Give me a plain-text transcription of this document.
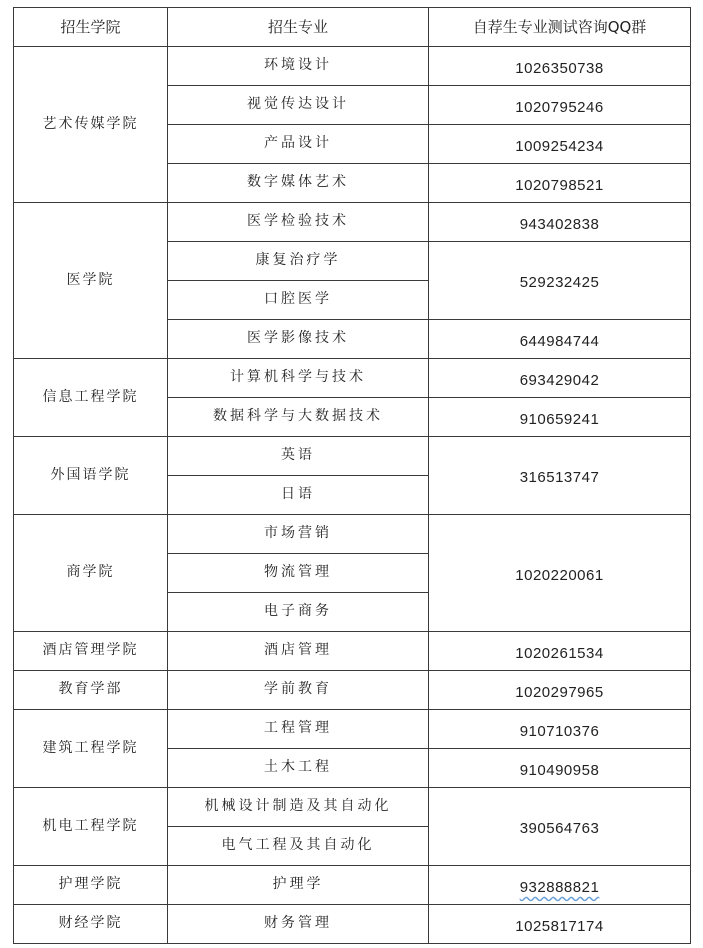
招生学院	招生专业	自荐生专业测试咨询QQ群
艺术传媒学院	环境设计	1026350738
	视觉传达设计	1020795246
	产品设计	1009254234
	数字媒体艺术	1020798521
医学院	医学检验技术	943402838
	康复治疗学	529232425
	口腔医学	
	医学影像技术	644984744
信息工程学院	计算机科学与技术	693429042
	数据科学与大数据技术	910659241
外国语学院	英语	316513747
	日语	
商学院	市场营销	1020220061
	物流管理	
	电子商务	
酒店管理学院	酒店管理	1020261534
教育学部	学前教育	1020297965
建筑工程学院	工程管理	910710376
	土木工程	910490958
机电工程学院	机械设计制造及其自动化	390564763
	电气工程及其自动化	
护理学院	护理学	932888821
财经学院	财务管理	1025817174
